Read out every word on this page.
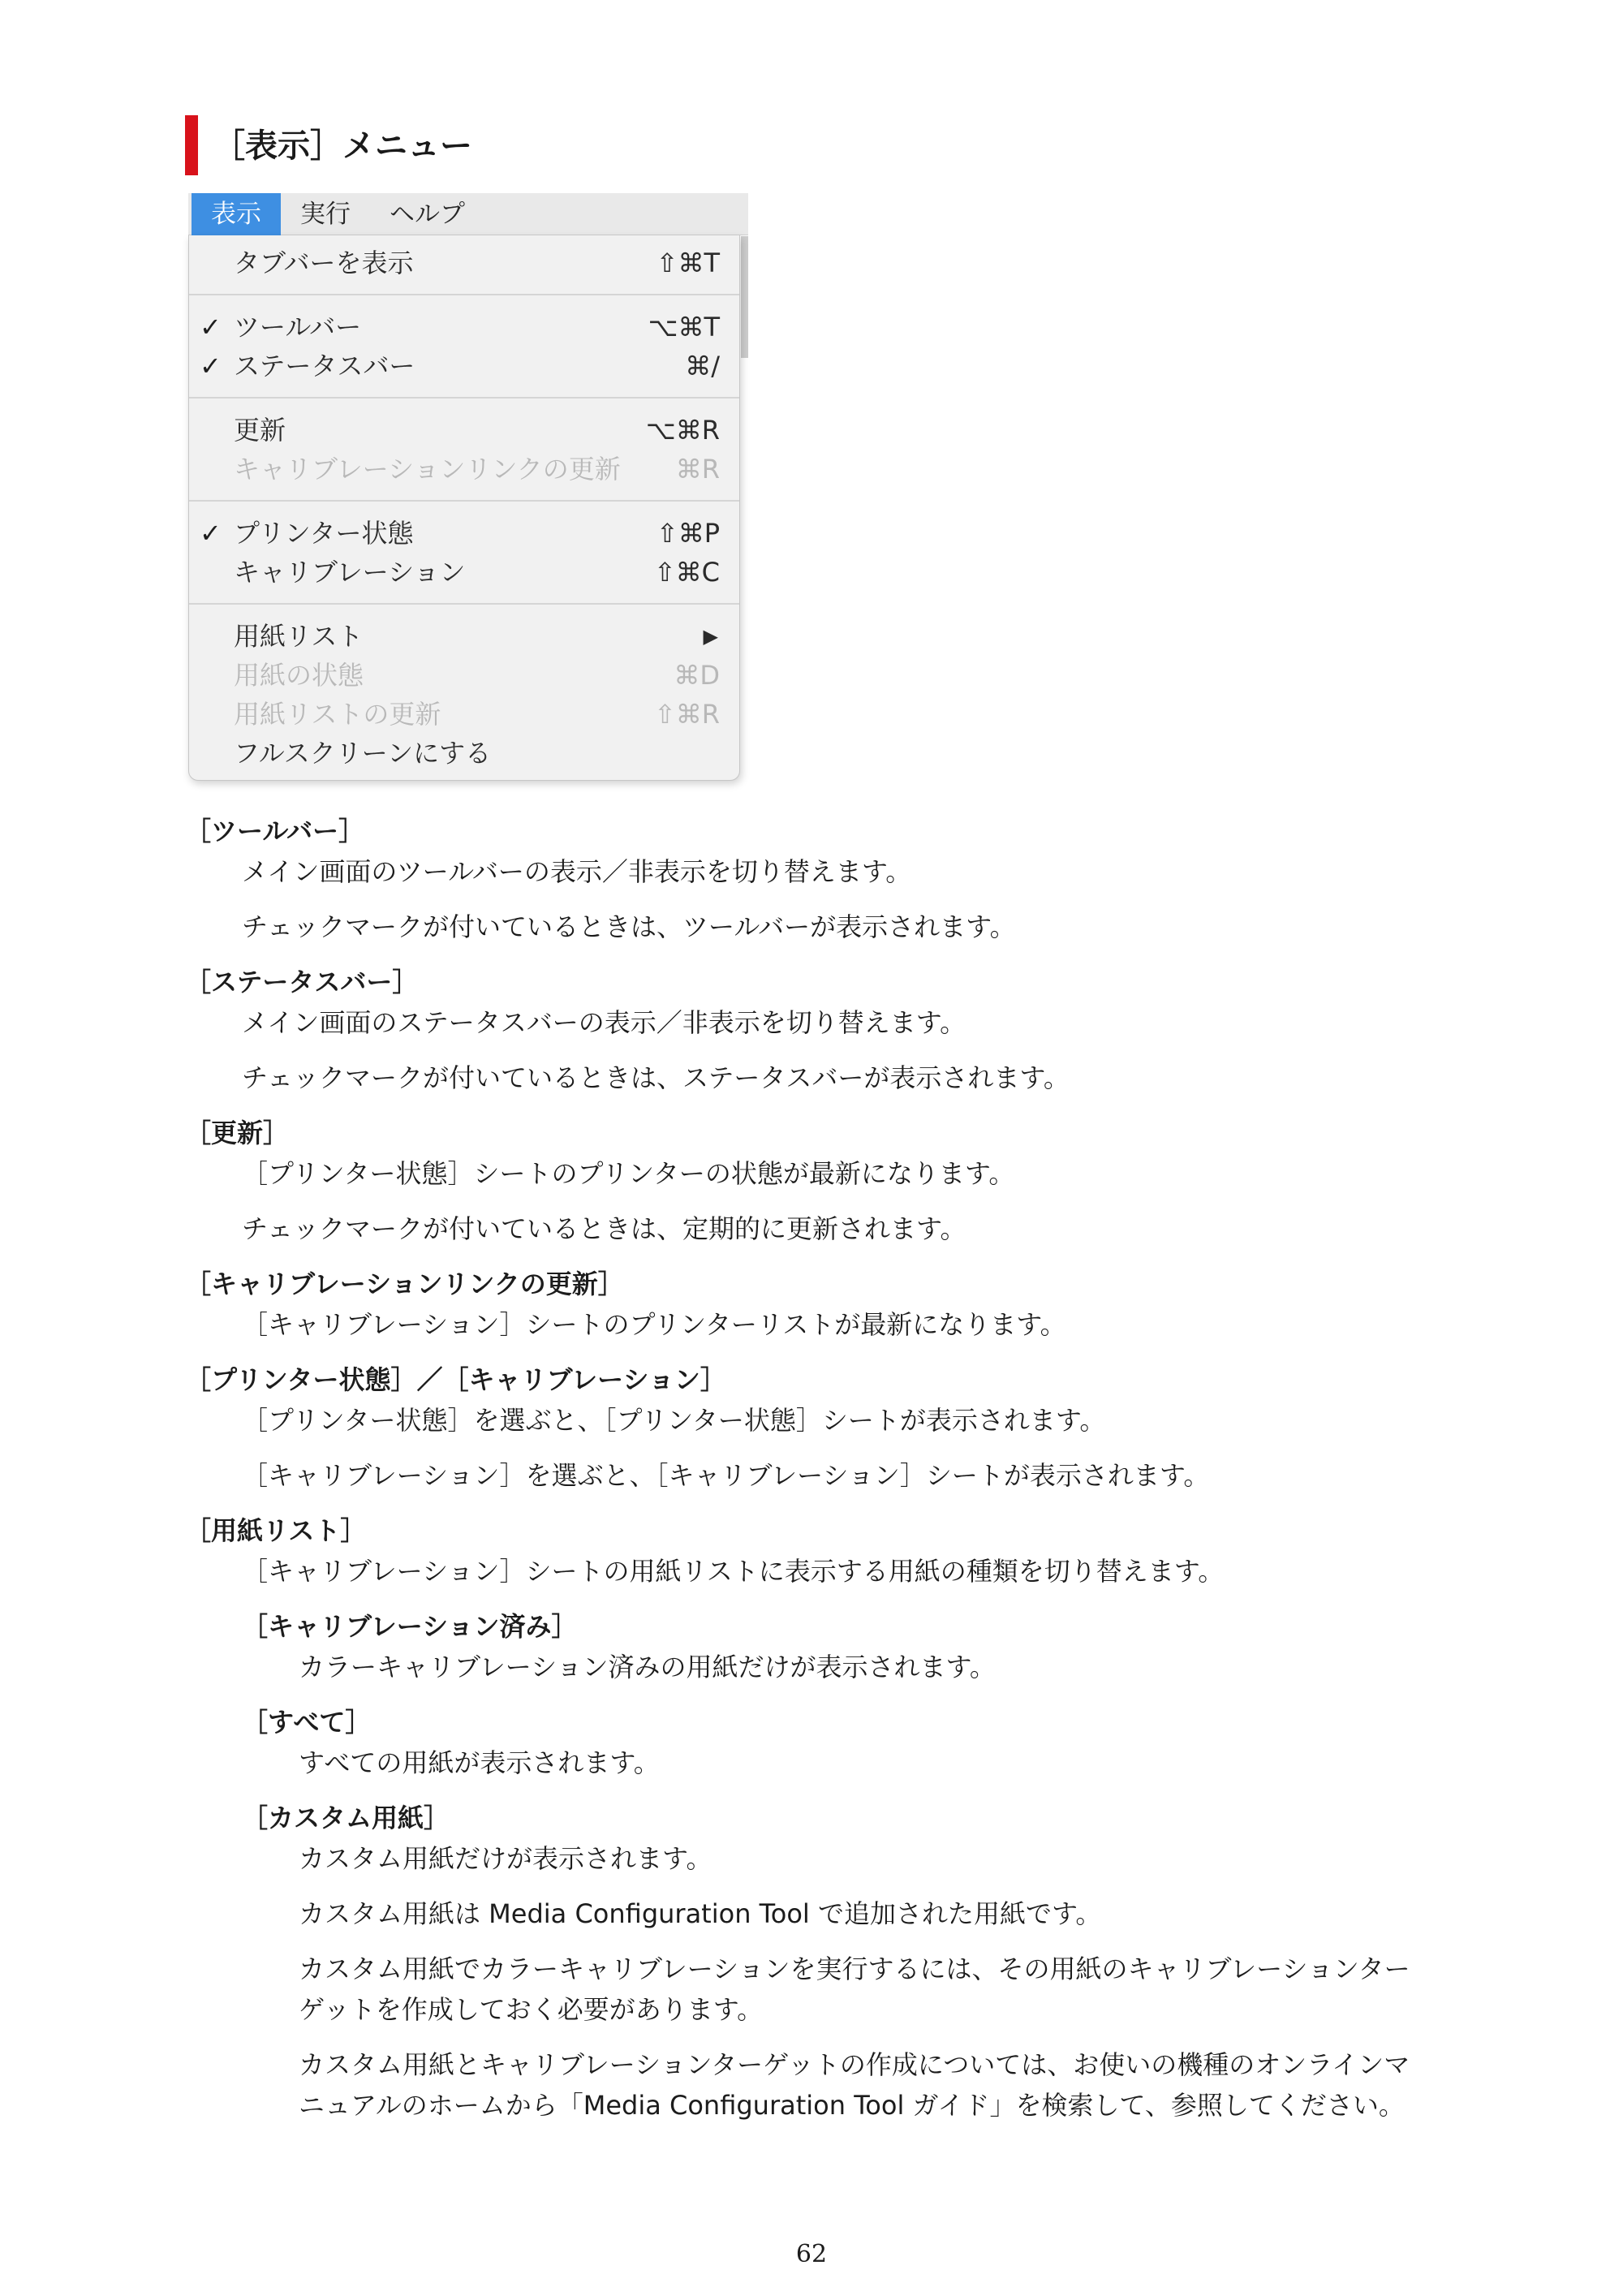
［表示］メニュー
表示	実行	ヘルプ
タブバーを表示	⇧⌘T
✓ ツールバー	⌥⌘T
✓ ステータスバー	⌘/
更新	⌥⌘R
キャリブレーションリンクの更新 ⌘R
✓ プリンター状態	⇧⌘P
キャリブレーション	⇧⌘C
用紙リスト	▶
用紙の状態	⌘D
用紙リストの更新	⇧⌘R
フルスクリーンにする
［ツールバー］
メイン画面のツールバーの表示／非表示を切り替えます。
チェックマークが付いているときは、ツールバーが表示されます。
［ステータスバー］
メイン画面のステータスバーの表示／非表示を切り替えます。
チェックマークが付いているときは、ステータスバーが表示されます。
［更新］
［プリンター状態］シートのプリンターの状態が最新になります。
チェックマークが付いているときは、定期的に更新されます。
［キャリブレーションリンクの更新］
［キャリブレーション］シートのプリンターリストが最新になります。
［プリンター状態］／［キャリブレーション］
［プリンター状態］を選ぶと、［プリンター状態］シートが表示されます。
［キャリブレーション］を選ぶと、［キャリブレーション］シートが表示されます。
［用紙リスト］
［キャリブレーション］シートの用紙リストに表示する用紙の種類を切り替えます。
［キャリブレーション済み］
カラーキャリブレーション済みの用紙だけが表示されます。
［すべて］
すべての用紙が表示されます。
［カスタム用紙］
カスタム用紙だけが表示されます。
カスタム用紙は Media Configuration Tool で追加された用紙です。
カスタム用紙でカラーキャリブレーションを実行するには、その用紙のキャリブレーションター
ゲットを作成しておく必要があります。
カスタム用紙とキャリブレーションターゲットの作成については、お使いの機種のオンラインマ
ニュアルのホームから「Media Configuration Tool ガイド」を検索して、参照してください。
62
